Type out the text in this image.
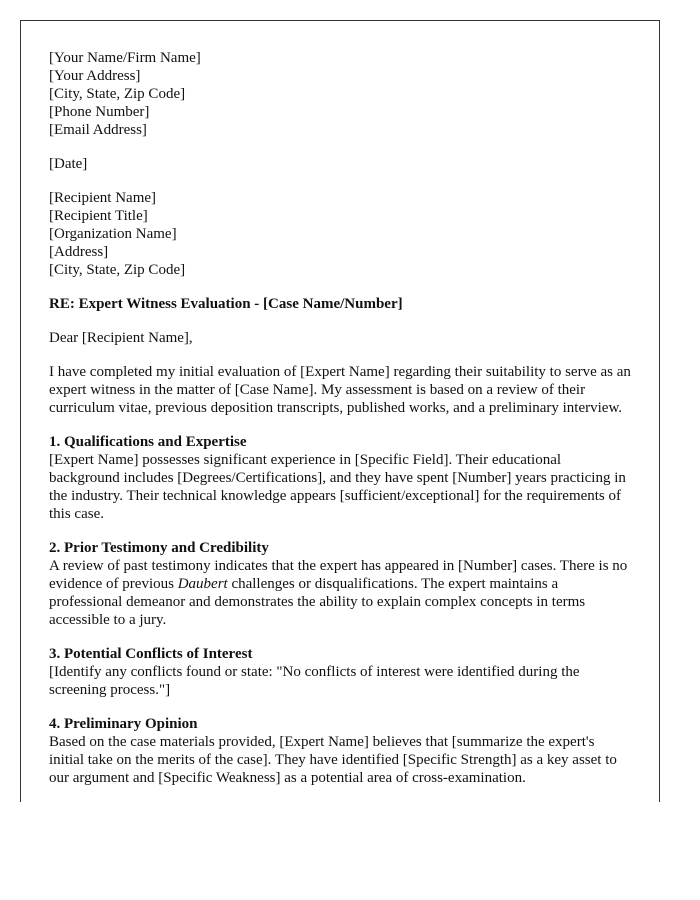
[Your Name/Firm Name]
[Your Address]
[City, State, Zip Code]
[Phone Number]
[Email Address]

[Date]

[Recipient Name]
[Recipient Title]
[Organization Name]
[Address]
[City, State, Zip Code]

RE: Expert Witness Evaluation - [Case Name/Number]

Dear [Recipient Name],

I have completed my initial evaluation of [Expert Name] regarding their suitability to serve as an expert witness in the matter of [Case Name]. My assessment is based on a review of their curriculum vitae, previous deposition transcripts, published works, and a preliminary interview.

1. Qualifications and Expertise

[Expert Name] possesses significant experience in [Specific Field]. Their educational background includes [Degrees/Certifications], and they have spent [Number] years practicing in the industry. Their technical knowledge appears [sufficient/exceptional] for the requirements of this case.

2. Prior Testimony and Credibility

A review of past testimony indicates that the expert has appeared in [Number] cases. There is no evidence of previous Daubert challenges or disqualifications. The expert maintains a professional demeanor and demonstrates the ability to explain complex concepts in terms accessible to a jury.

3. Potential Conflicts of Interest

[Identify any conflicts found or state: "No conflicts of interest were identified during the screening process."]

4. Preliminary Opinion

Based on the case materials provided, [Expert Name] believes that [summarize the expert's initial take on the merits of the case]. They have identified [Specific Strength] as a key asset to our argument and [Specific Weakness] as a potential area of cross-examination.
